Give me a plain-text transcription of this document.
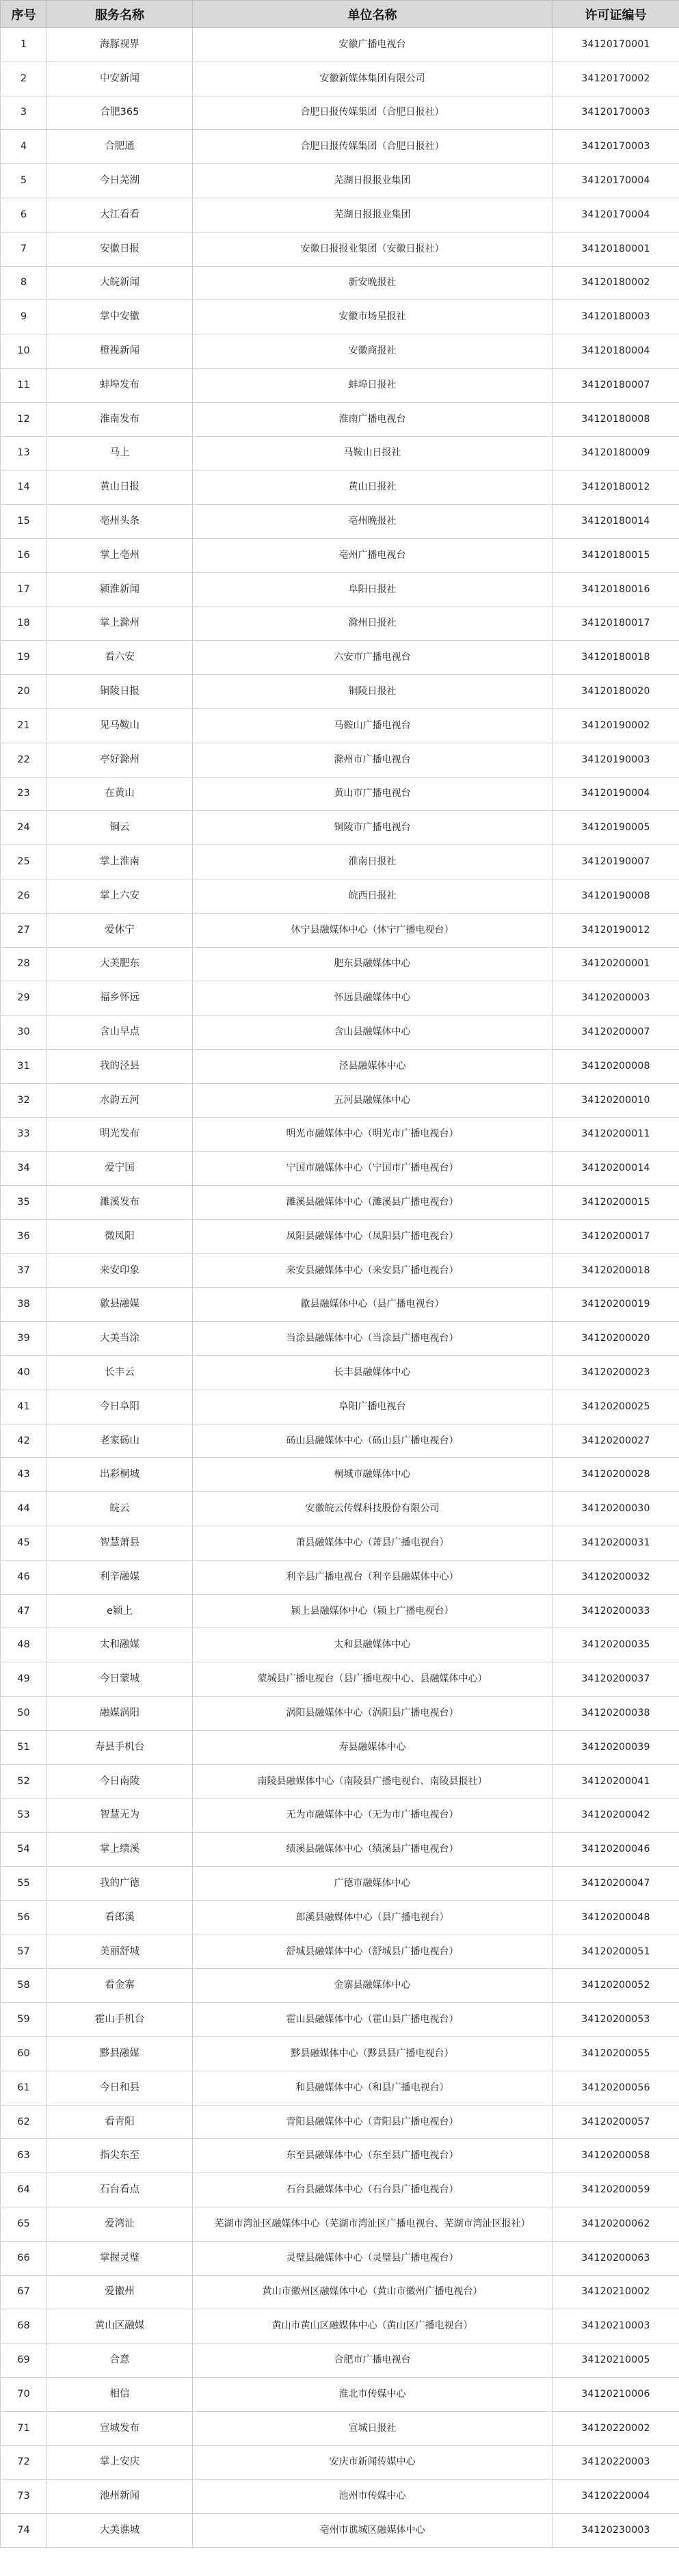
序号	服务名称	单位名称	许可证编号
1	海豚视界	安徽广播电视台	34120170001
2	中安新闻	安徽新媒体集团有限公司	34120170002
3	合肥365	合肥日报传媒集团（合肥日报社）	34120170003
4	合肥通	合肥日报传媒集团（合肥日报社）	34120170003
5	今日芜湖	芜湖日报报业集团	34120170004
6	大江看看	芜湖日报报业集团	34120170004
7	安徽日报	安徽日报报业集团（安徽日报社）	34120180001
8	大皖新闻	新安晚报社	34120180002
9	掌中安徽	安徽市场星报社	34120180003
10	橙视新闻	安徽商报社	34120180004
11	蚌埠发布	蚌埠日报社	34120180007
12	淮南发布	淮南广播电视台	34120180008
13	马上	马鞍山日报社	34120180009
14	黄山日报	黄山日报社	34120180012
15	亳州头条	亳州晚报社	34120180014
16	掌上亳州	亳州广播电视台	34120180015
17	颍淮新闻	阜阳日报社	34120180016
18	掌上滁州	滁州日报社	34120180017
19	看六安	六安市广播电视台	34120180018
20	铜陵日报	铜陵日报社	34120180020
21	见马鞍山	马鞍山广播电视台	34120190002
22	亭好滁州	滁州市广播电视台	34120190003
23	在黄山	黄山市广播电视台	34120190004
24	铜云	铜陵市广播电视台	34120190005
25	掌上淮南	淮南日报社	34120190007
26	掌上六安	皖西日报社	34120190008
27	爱休宁	休宁县融媒体中心（休宁广播电视台）	34120190012
28	大美肥东	肥东县融媒体中心	34120200001
29	福乡怀远	怀远县融媒体中心	34120200003
30	含山早点	含山县融媒体中心	34120200007
31	我的泾县	泾县融媒体中心	34120200008
32	水韵五河	五河县融媒体中心	34120200010
33	明光发布	明光市融媒体中心（明光市广播电视台）	34120200011
34	爱宁国	宁国市融媒体中心（宁国市广播电视台）	34120200014
35	濉溪发布	濉溪县融媒体中心（濉溪县广播电视台）	34120200015
36	微凤阳	凤阳县融媒体中心（凤阳县广播电视台）	34120200017
37	来安印象	来安县融媒体中心（来安县广播电视台）	34120200018
38	歙县融媒	歙县融媒体中心（县广播电视台）	34120200019
39	大美当涂	当涂县融媒体中心（当涂县广播电视台）	34120200020
40	长丰云	长丰县融媒体中心	34120200023
41	今日阜阳	阜阳广播电视台	34120200025
42	老家砀山	砀山县融媒体中心（砀山县广播电视台）	34120200027
43	出彩桐城	桐城市融媒体中心	34120200028
44	皖云	安徽皖云传媒科技股份有限公司	34120200030
45	智慧萧县	萧县融媒体中心（萧县广播电视台）	34120200031
46	利辛融媒	利辛县广播电视台（利辛县融媒体中心）	34120200032
47	e颍上	颍上县融媒体中心（颍上广播电视台）	34120200033
48	太和融媒	太和县融媒体中心	34120200035
49	今日蒙城	蒙城县广播电视台（县广播电视中心、县融媒体中心）	34120200037
50	融媒涡阳	涡阳县融媒体中心（涡阳县广播电视台）	34120200038
51	寿县手机台	寿县融媒体中心	34120200039
52	今日南陵	南陵县融媒体中心（南陵县广播电视台、南陵县报社）	34120200041
53	智慧无为	无为市融媒体中心（无为市广播电视台）	34120200042
54	掌上绩溪	绩溪县融媒体中心（绩溪县广播电视台）	34120200046
55	我的广德	广德市融媒体中心	34120200047
56	看郎溪	郎溪县融媒体中心（县广播电视台）	34120200048
57	美丽舒城	舒城县融媒体中心（舒城县广播电视台）	34120200051
58	看金寨	金寨县融媒体中心	34120200052
59	霍山手机台	霍山县融媒体中心（霍山县广播电视台）	34120200053
60	黟县融媒	黟县融媒体中心（黟县县广播电视台）	34120200055
61	今日和县	和县融媒体中心（和县广播电视台）	34120200056
62	看青阳	青阳县融媒体中心（青阳县广播电视台）	34120200057
63	指尖东至	东至县融媒体中心（东至县广播电视台）	34120200058
64	石台看点	石台县融媒体中心（石台县广播电视台）	34120200059
65	爱湾沚	芜湖市湾沚区融媒体中心（芜湖市湾沚区广播电视台、芜湖市湾沚区报社）	34120200062
66	掌握灵璧	灵璧县融媒体中心（灵璧县广播电视台）	34120200063
67	爱徽州	黄山市徽州区融媒体中心（黄山市徽州广播电视台）	34120210002
68	黄山区融媒	黄山市黄山区融媒体中心（黄山区广播电视台）	34120210003
69	合意	合肥市广播电视台	34120210005
70	相信	淮北市传媒中心	34120210006
71	宣城发布	宣城日报社	34120220002
72	掌上安庆	安庆市新闻传媒中心	34120220003
73	池州新闻	池州市传媒中心	34120220004
74	大美谯城	亳州市谯城区融媒体中心	34120230003
